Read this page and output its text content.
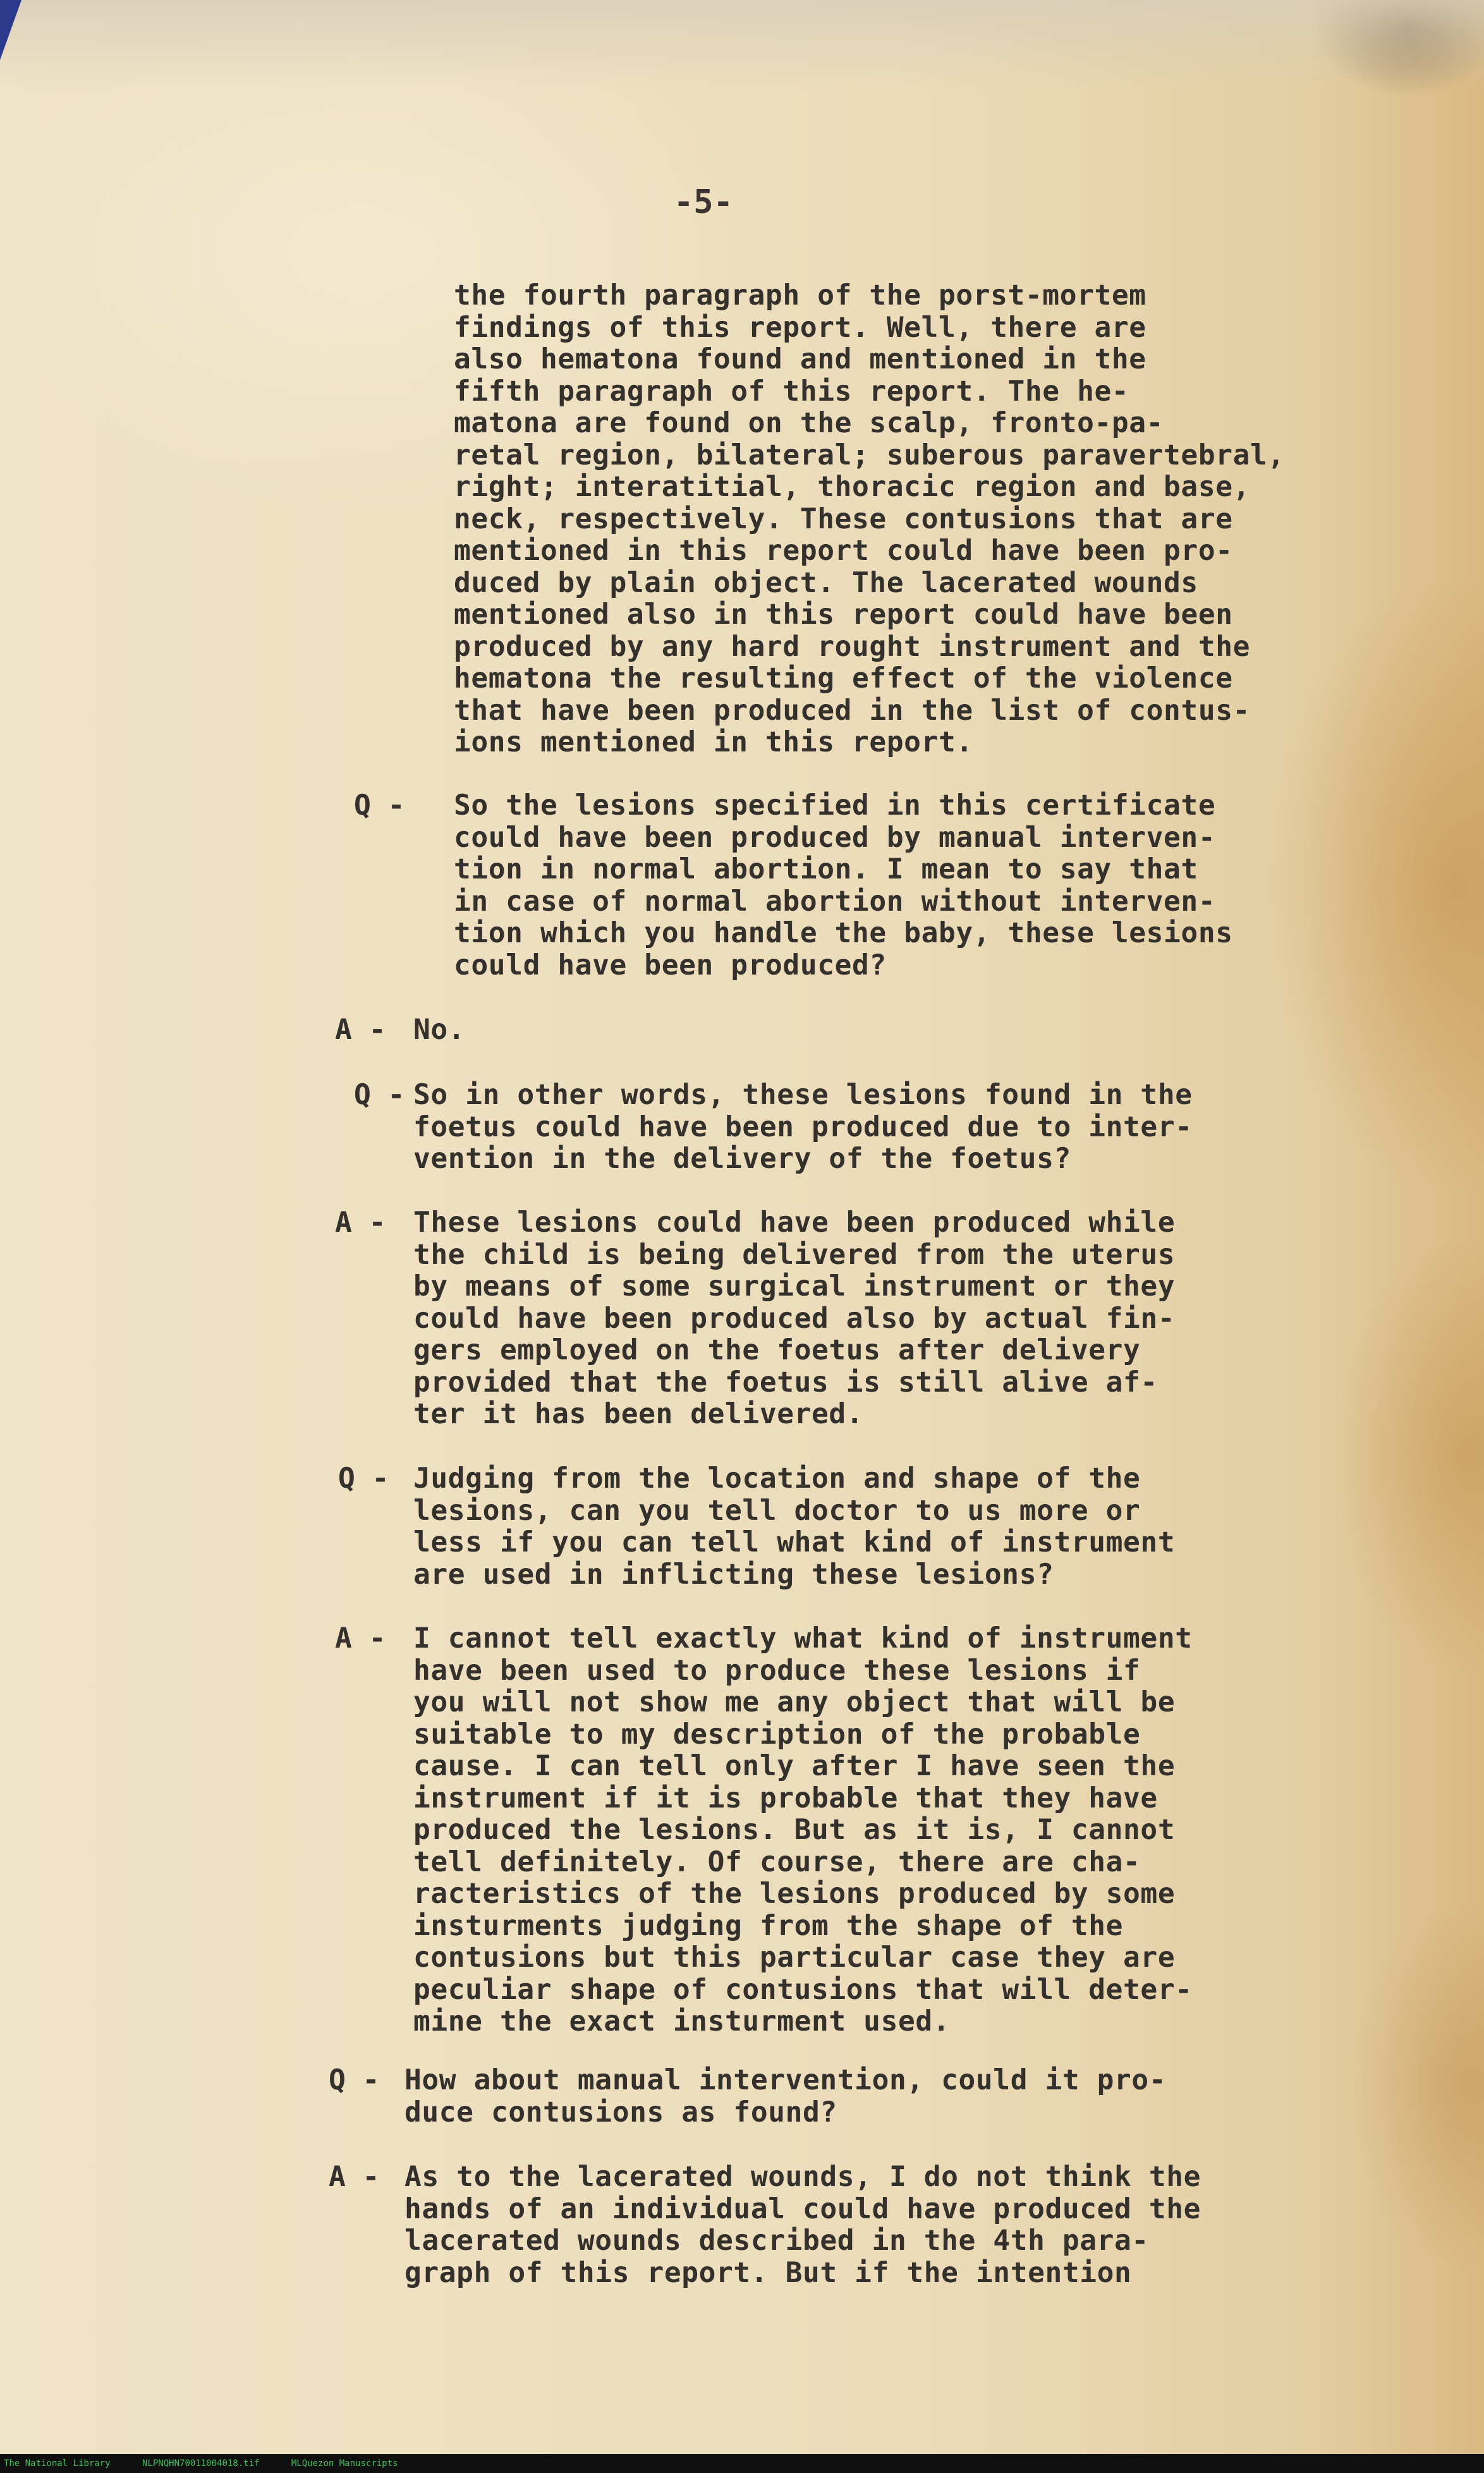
-5-

the fourth paragraph of the porst-mortem
findings of this report. Well, there are
also hematona found and mentioned in the
fifth paragraph of this report. The he-
matona are found on the scalp, fronto-pa-
retal region, bilateral; suberous paravertebral,
right; interatitial, thoracic region and base,
neck, respectively. These contusions that are
mentioned in this report could have been pro-
duced by plain object. The lacerated wounds
mentioned also in this report could have been
produced by any hard rought instrument and the
hematona the resulting effect of the violence
that have been produced in the list of contus-
ions mentioned in this report.

Q - So the lesions specified in this certificate
could have been produced by manual interven-
tion in normal abortion. I mean to say that
in case of normal abortion without interven-
tion which you handle the baby, these lesions
could have been produced?

A - No.

Q - So in other words, these lesions found in the
foetus could have been produced due to inter-
vention in the delivery of the foetus?

A - These lesions could have been produced while
the child is being delivered from the uterus
by means of some surgical instrument or they
could have been produced also by actual fin-
gers employed on the foetus after delivery
provided that the foetus is still alive af-
ter it has been delivered.

Q - Judging from the location and shape of the
lesions, can you tell doctor to us more or
less if you can tell what kind of instrument
are used in inflicting these lesions?

A - I cannot tell exactly what kind of instrument
have been used to produce these lesions if
you will not show me any object that will be
suitable to my description of the probable
cause. I can tell only after I have seen the
instrument if it is probable that they have
produced the lesions. But as it is, I cannot
tell definitely. Of course, there are cha-
racteristics of the lesions produced by some
insturments judging from the shape of the
contusions but this particular case they are
peculiar shape of contusions that will deter-
mine the exact insturment used.

Q - How about manual intervention, could it pro-
duce contusions as found?

A - As to the lacerated wounds, I do not think the
hands of an individual could have produced the
lacerated wounds described in the 4th para-
graph of this report. But if the intention
The National Library	NLPNQHN70011004018.tif	MLQuezon Manuscripts
